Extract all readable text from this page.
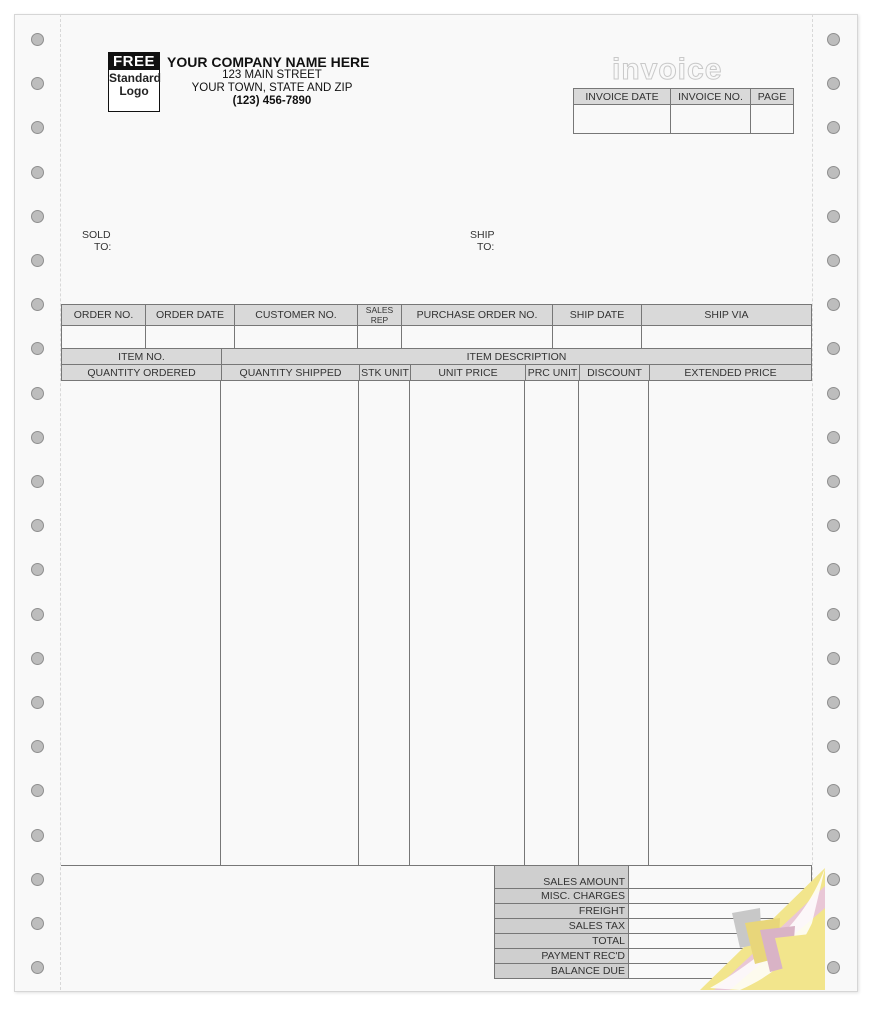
FREE
Standard
Logo
YOUR COMPANY NAME HERE
123 MAIN STREET
YOUR TOWN, STATE AND ZIP
(123) 456-7890
invoice
INVOICE DATE	INVOICE NO.	PAGE

SOLD
TO:
SHIP
TO:
ORDER NO.	ORDER DATE	CUSTOMER NO.	SALES REP	PURCHASE ORDER NO.	SHIP DATE	SHIP VIA

ITEM NO.	ITEM DESCRIPTION
QUANTITY ORDERED	QUANTITY SHIPPED	STK UNIT	UNIT PRICE	PRC UNIT	DISCOUNT	EXTENDED PRICE
SALES AMOUNT	
MISC. CHARGES	
FREIGHT	
SALES TAX	
TOTAL	
PAYMENT REC'D	
BALANCE DUE	
